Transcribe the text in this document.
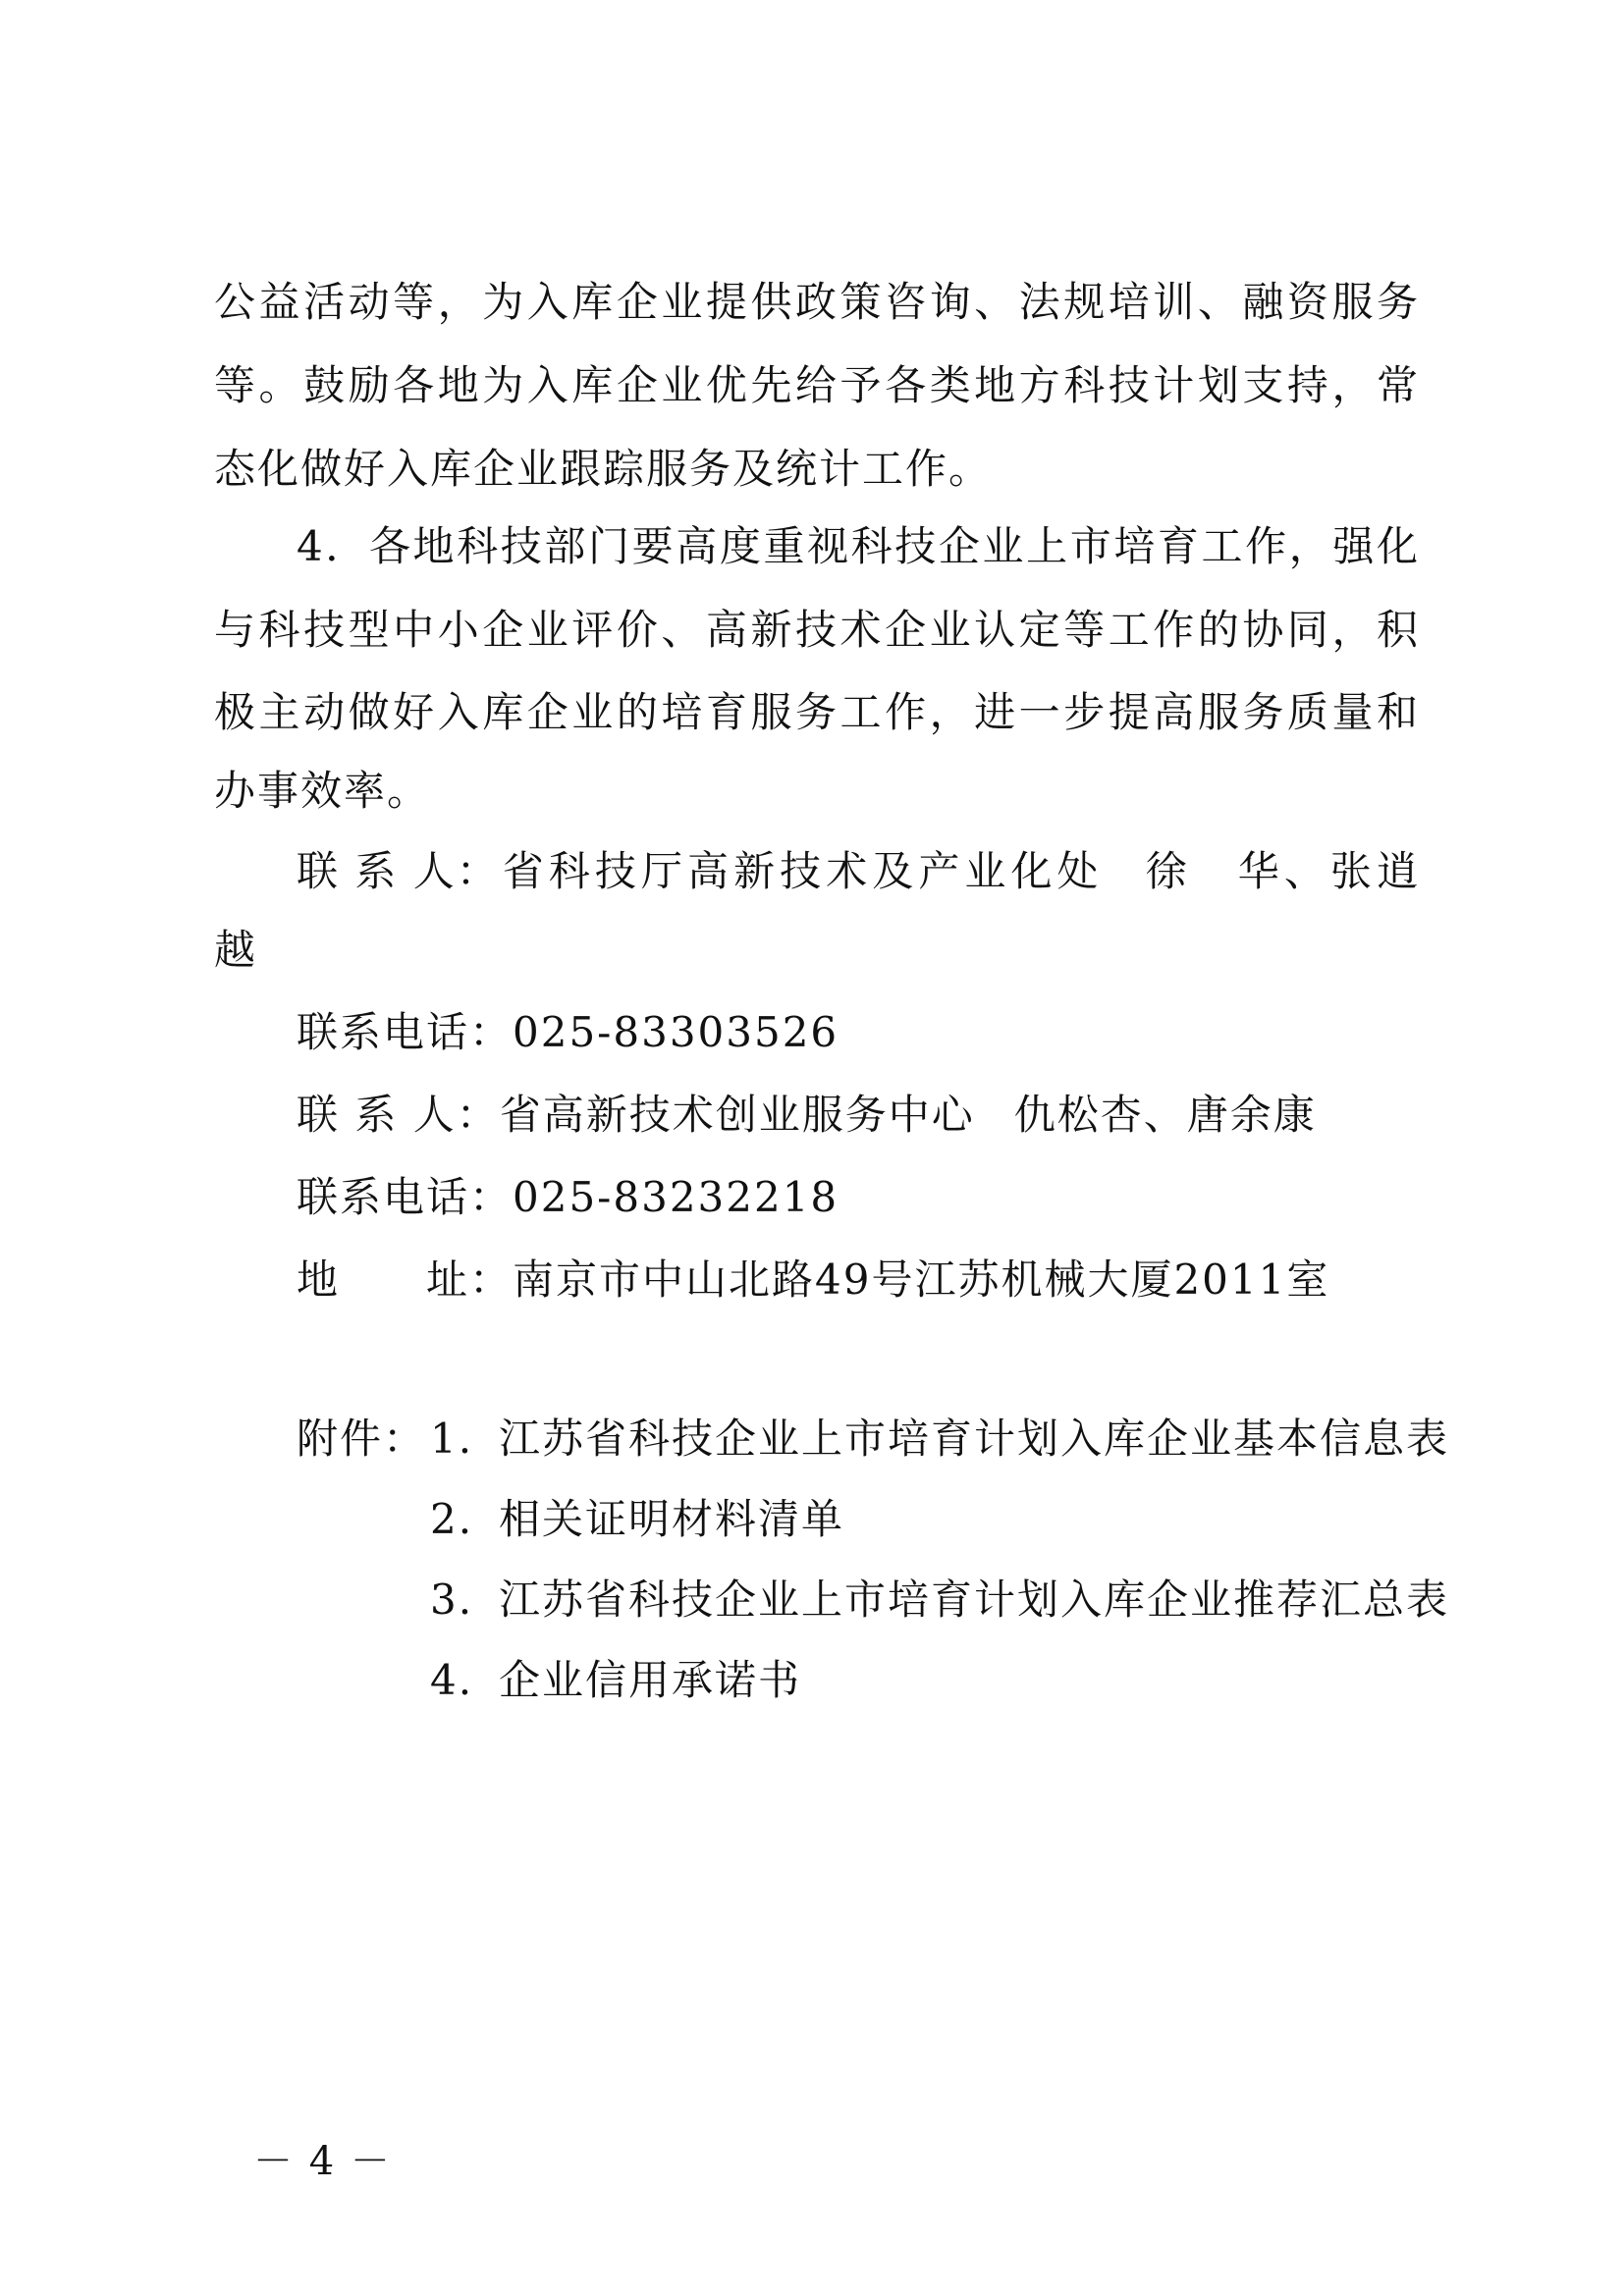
公益活动等，为入库企业提供政策咨询、法规培训、融资服务
等。鼓励各地为入库企业优先给予各类地方科技计划支持，常
态化做好入库企业跟踪服务及统计工作。
4．各地科技部门要高度重视科技企业上市培育工作，强化
与科技型中小企业评价、高新技术企业认定等工作的协同，积
极主动做好入库企业的培育服务工作，进一步提高服务质量和
办事效率。
联 系 人：省科技厅高新技术及产业化处 徐　华、张逍
越
联系电话：025-83303526
联 系 人：省高新技术创业服务中心 仇松杏、唐余康
联系电话：025-83232218
地　　址：南京市中山北路49号江苏机械大厦2011室
附件： 1. 江苏省科技企业上市培育计划入库企业基本信息表
2. 相关证明材料清单
3. 江苏省科技企业上市培育计划入库企业推荐汇总表
4. 企业信用承诺书
－ 4 －
